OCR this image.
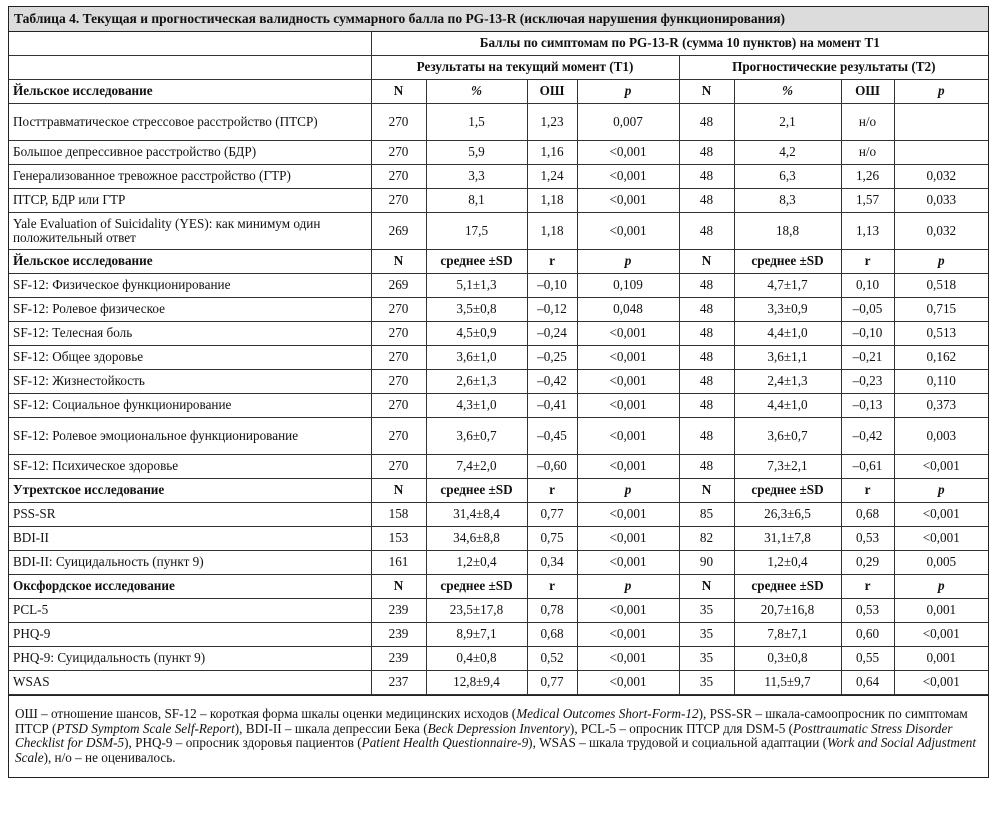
Таблица 4. Текущая и прогностическая валидность суммарного балла по PG-13-R (исключая нарушения функционирования)
	Баллы по симптомам по PG-13-R (сумма 10 пунктов) на момент Т1							
	Результаты на текущий момент (Т1)				Прогностические результаты (Т2)			
Йельское исследование	N	%	ОШ	p	N	%	ОШ	p
Посттравматическое стрессовое расстройство (ПТСР)	270	1,5	1,23	0,007	48	2,1	н/о	
Большое депрессивное расстройство (БДР)	270	5,9	1,16	<0,001	48	4,2	н/о	
Генерализованное тревожное расстройство (ГТР)	270	3,3	1,24	<0,001	48	6,3	1,26	0,032
ПТСР, БДР или ГТР	270	8,1	1,18	<0,001	48	8,3	1,57	0,033
Yale Evaluation of Suicidality (YES): как минимум один положительный ответ	269	17,5	1,18	<0,001	48	18,8	1,13	0,032
Йельское исследование	N	среднее ±SD	r	p	N	среднее ±SD	r	p
SF-12: Физическое функционирование	269	5,1±1,3	–0,10	0,109	48	4,7±1,7	0,10	0,518
SF-12: Ролевое физическое	270	3,5±0,8	–0,12	0,048	48	3,3±0,9	–0,05	0,715
SF-12: Телесная боль	270	4,5±0,9	–0,24	<0,001	48	4,4±1,0	–0,10	0,513
SF-12: Общее здоровье	270	3,6±1,0	–0,25	<0,001	48	3,6±1,1	–0,21	0,162
SF-12: Жизнестойкость	270	2,6±1,3	–0,42	<0,001	48	2,4±1,3	–0,23	0,110
SF-12: Социальное функционирование	270	4,3±1,0	–0,41	<0,001	48	4,4±1,0	–0,13	0,373
SF-12: Ролевое эмоциональное функционирование	270	3,6±0,7	–0,45	<0,001	48	3,6±0,7	–0,42	0,003
SF-12: Психическое здоровье	270	7,4±2,0	–0,60	<0,001	48	7,3±2,1	–0,61	<0,001
Утрехтское исследование	N	среднее ±SD	r	p	N	среднее ±SD	r	p
PSS-SR	158	31,4±8,4	0,77	<0,001	85	26,3±6,5	0,68	<0,001
BDI-II	153	34,6±8,8	0,75	<0,001	82	31,1±7,8	0,53	<0,001
BDI-II: Суицидальность (пункт 9)	161	1,2±0,4	0,34	<0,001	90	1,2±0,4	0,29	0,005
Оксфордское исследование	N	среднее ±SD	r	p	N	среднее ±SD	r	p
PCL-5	239	23,5±17,8	0,78	<0,001	35	20,7±16,8	0,53	0,001
PHQ-9	239	8,9±7,1	0,68	<0,001	35	7,8±7,1	0,60	<0,001
PHQ-9: Суицидальность (пункт 9)	239	0,4±0,8	0,52	<0,001	35	0,3±0,8	0,55	0,001
WSAS	237	12,8±9,4	0,77	<0,001	35	11,5±9,7	0,64	<0,001
ОШ – отношение шансов, SF-12 – короткая форма шкалы оценки медицинских исходов (Medical Outcomes Short-Form-12), PSS-SR – шкала-самоопросник по симптомам ПТСР (PTSD Symptom Scale Self-Report), BDI-II – шкала депрессии Бека (Beck Depression Inventory), PCL-5 – опросник ПТСР для DSM-5 (Posttraumatic Stress Disorder Checklist for DSM-5), PHQ-9 – опросник здоровья пациентов (Patient Health Questionnaire-9), WSAS – шкала трудовой и социальной адаптации (Work and Social Adjustment Scale), н/о – не оценивалось.
